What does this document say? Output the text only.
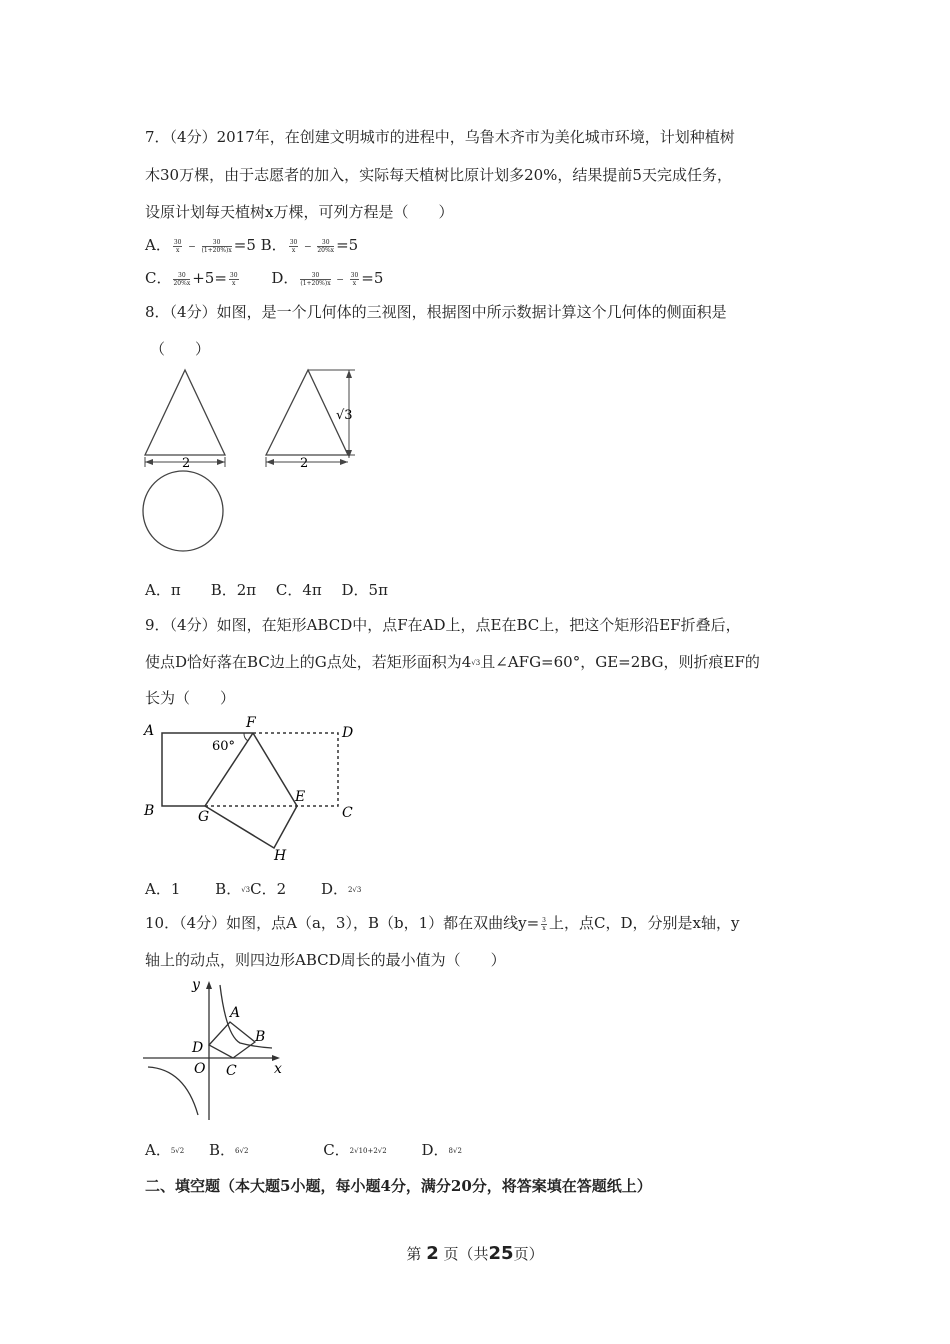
7．（4分）2017年，在创建文明城市的进程中，乌鲁木齐市为美化城市环境，计划种植树
木30万棵，由于志愿者的加入，实际每天植树比原计划多20%，结果提前5天完成任务，
设原计划每天植树x万棵，可列方程是（　　）
A． $\frac{30}{x}$ ﹣ $\frac{30}{(1+20\%)x} =5$ B． $\frac{30}{x}$ ﹣ $\frac{30}{20\%x} =5$
C． $\frac{30}{20\%x} +5= \frac{30}{x}$ D． $\frac{30}{(1+20\%)x}$ ﹣ $\frac{30}{x} =5$
8．（4分）如图，是一个几何体的三视图，根据图中所示数据计算这个几何体的侧面积是
（　　）
2	2
√3
A．π　　B．2π　 C．4π　 D．5π
9．（4分）如图，在矩形ABCD中，点F在AD上，点E在BC上，把这个矩形沿EF折叠后，
使点D恰好落在BC边上的G点处，若矩形面积为4√3且∠AFG=60°，GE=2BG，则折痕EF的
长为（　　）
A	F
D
B	G
E
C
H
60°
A．1 B．√3C．2 D．2√3
10．（4分）如图，点A（a，3），B（b，1）都在双曲线$y= \frac{3}{x}$ 上，点C，D，分别是x轴，y
轴上的动点，则四边形ABCD周长的最小值为（　　）
y
x
O
A
B
C
D
A．5√2 B．6√2	C．2√10+2√2 D．8√2
二、填空题（本大题5小题，每小题4分，满分20分，将答案填在答题纸上）
第 2 页（共25页）
